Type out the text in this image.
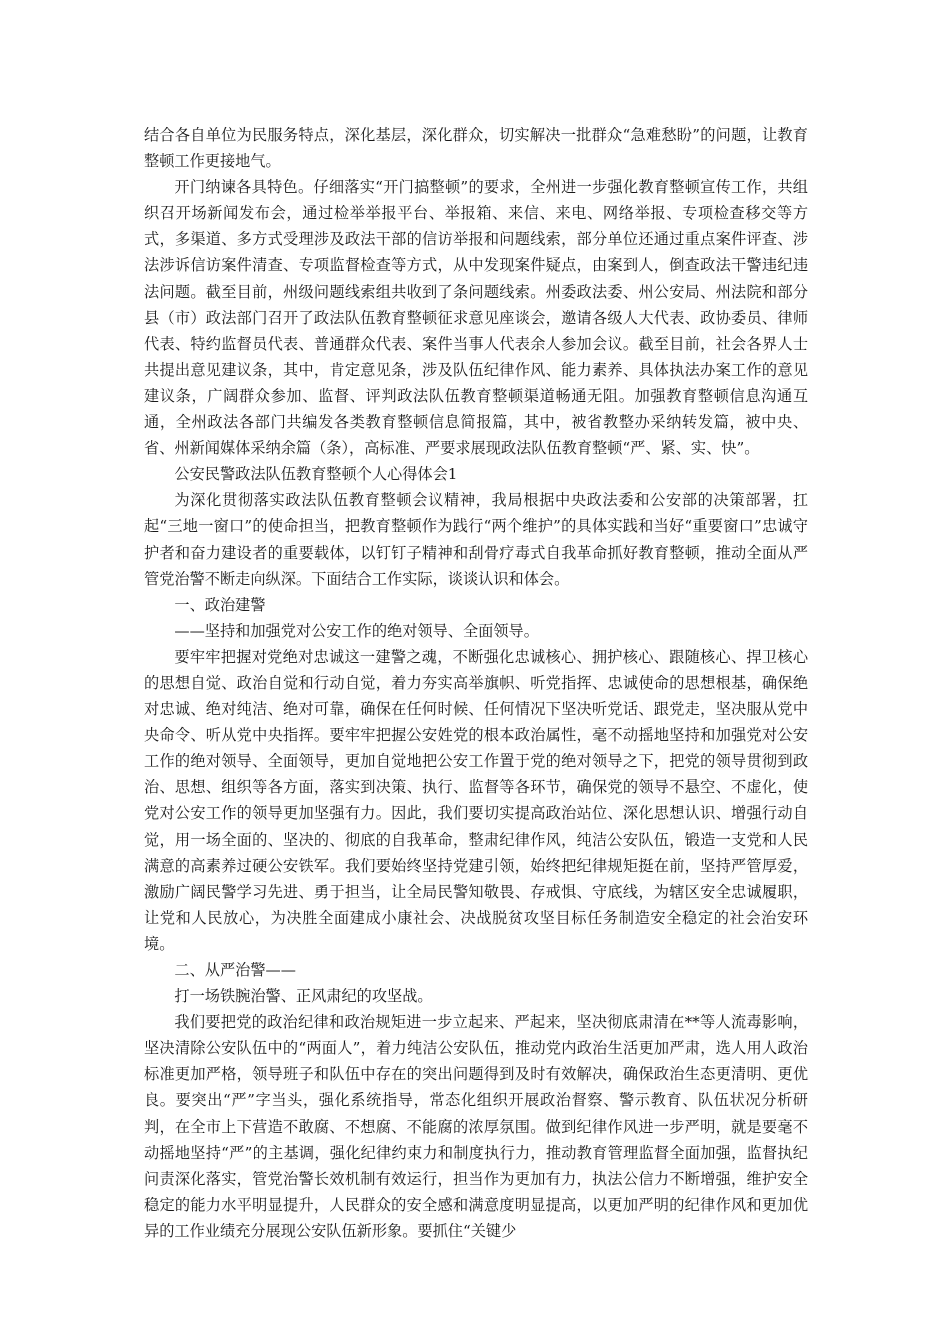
结合各自单位为民服务特点，深化基层，深化群众，切实解决一批群众“急难愁盼”的问题，让教育整顿工作更接地气。

开门纳谏各具特色。仔细落实“开门搞整顿”的要求，全州进一步强化教育整顿宣传工作，共组织召开场新闻发布会，通过检举举报平台、举报箱、来信、来电、网络举报、专项检查移交等方式，多渠道、多方式受理涉及政法干部的信访举报和问题线索，部分单位还通过重点案件评查、涉法涉诉信访案件清查、专项监督检查等方式，从中发现案件疑点，由案到人，倒查政法干警违纪违法问题。截至目前，州级问题线索组共收到了条问题线索。州委政法委、州公安局、州法院和部分县（市）政法部门召开了政法队伍教育整顿征求意见座谈会，邀请各级人大代表、政协委员、律师代表、特约监督员代表、普通群众代表、案件当事人代表余人参加会议。截至目前，社会各界人士共提出意见建议条，其中，肯定意见条，涉及队伍纪律作风、能力素养、具体执法办案工作的意见建议条，广阔群众参加、监督、评判政法队伍教育整顿渠道畅通无阻。加强教育整顿信息沟通互通，全州政法各部门共编发各类教育整顿信息简报篇，其中，被省教整办采纳转发篇，被中央、省、州新闻媒体采纳余篇（条），高标准、严要求展现政法队伍教育整顿“严、紧、实、快”。

公安民警政法队伍教育整顿个人心得体会1

为深化贯彻落实政法队伍教育整顿会议精神，我局根据中央政法委和公安部的决策部署，扛起“三地一窗口”的使命担当，把教育整顿作为践行“两个维护”的具体实践和当好“重要窗口”忠诚守护者和奋力建设者的重要载体，以钉钉子精神和刮骨疗毒式自我革命抓好教育整顿，推动全面从严管党治警不断走向纵深。下面结合工作实际，谈谈认识和体会。

一、政治建警

——坚持和加强党对公安工作的绝对领导、全面领导。

要牢牢把握对党绝对忠诚这一建警之魂，不断强化忠诚核心、拥护核心、跟随核心、捍卫核心的思想自觉、政治自觉和行动自觉，着力夯实高举旗帜、听党指挥、忠诚使命的思想根基，确保绝对忠诚、绝对纯洁、绝对可靠，确保在任何时候、任何情况下坚决听党话、跟党走，坚决服从党中央命令、听从党中央指挥。要牢牢把握公安姓党的根本政治属性，毫不动摇地坚持和加强党对公安工作的绝对领导、全面领导，更加自觉地把公安工作置于党的绝对领导之下，把党的领导贯彻到政治、思想、组织等各方面，落实到决策、执行、监督等各环节，确保党的领导不悬空、不虚化，使党对公安工作的领导更加坚强有力。因此，我们要切实提高政治站位、深化思想认识、增强行动自觉，用一场全面的、坚决的、彻底的自我革命，整肃纪律作风，纯洁公安队伍，锻造一支党和人民满意的高素养过硬公安铁军。我们要始终坚持党建引领，始终把纪律规矩挺在前，坚持严管厚爱，激励广阔民警学习先进、勇于担当，让全局民警知敬畏、存戒惧、守底线，为辖区安全忠诚履职，让党和人民放心，为决胜全面建成小康社会、决战脱贫攻坚目标任务制造安全稳定的社会治安环境。

二、从严治警——

打一场铁腕治警、正风肃纪的攻坚战。

我们要把党的政治纪律和政治规矩进一步立起来、严起来，坚决彻底肃清在**等人流毒影响，坚决清除公安队伍中的“两面人”，着力纯洁公安队伍，推动党内政治生活更加严肃，选人用人政治标准更加严格，领导班子和队伍中存在的突出问题得到及时有效解决，确保政治生态更清明、更优良。要突出“严”字当头，强化系统指导，常态化组织开展政治督察、警示教育、队伍状况分析研判，在全市上下营造不敢腐、不想腐、不能腐的浓厚氛围。做到纪律作风进一步严明，就是要毫不动摇地坚持“严”的主基调，强化纪律约束力和制度执行力，推动教育管理监督全面加强，监督执纪问责深化落实，管党治警长效机制有效运行，担当作为更加有力，执法公信力不断增强，维护安全稳定的能力水平明显提升，人民群众的安全感和满意度明显提高，以更加严明的纪律作风和更加优异的工作业绩充分展现公安队伍新形象。要抓住“关键少
